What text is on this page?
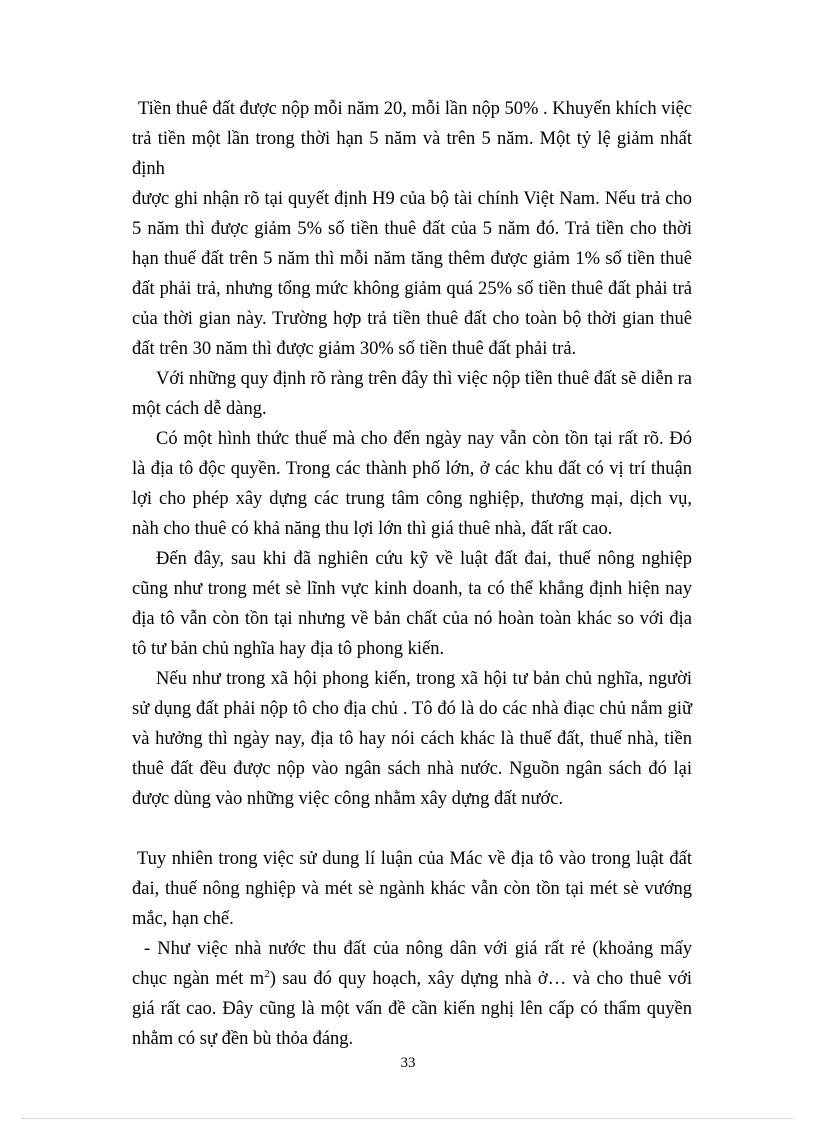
Tiền thuê đất được nộp mỗi năm 20, mỗi lần nộp 50% . Khuyến khích việc trả tiền một lần trong thời hạn 5 năm và trên 5 năm. Một tỷ lệ giảm nhất định

được ghi nhận rõ tại quyết định H9 của bộ tài chính Việt Nam. Nếu trả cho 5 năm thì được giảm 5% số tiền thuê đất của 5 năm đó. Trả tiền cho thời hạn thuế đất trên 5 năm thì mỗi năm tăng thêm được giảm 1% số tiền thuê đất phải trả, nhưng tổng mức không giảm quá 25% số tiền thuê đất phải trả của thời gian này. Trường hợp trả tiền thuê đất cho toàn bộ thời gian thuê đất trên 30 năm thì được giảm 30% số tiền thuê đất phải trả.

Với những quy định rõ ràng trên đây thì việc nộp tiền thuê đất sẽ diễn ra một cách dễ dàng.

Có một hình thức thuế mà cho đến ngày nay vẫn còn tồn tại rất rõ. Đó là địa tô độc quyền. Trong các thành phố lớn, ở các khu đất có vị trí thuận lợi cho phép xây dựng các trung tâm công nghiệp, thương mại, dịch vụ, nàh cho thuê có khả năng thu lợi lớn thì giá thuê nhà, đất rất cao.

Đến đây, sau khi đã nghiên cứu kỹ về luật đất đai, thuế nông nghiệp cũng như trong mét sè lĩnh vực kinh doanh, ta có thể khẳng định hiện nay địa tô vẫn còn tồn tại nhưng về bản chất của nó hoàn toàn khác so với địa tô tư bản chủ nghĩa hay địa tô phong kiến.

Nếu như trong xã hội phong kiến, trong xã hội tư bản chủ nghĩa, người sử dụng đất phải nộp tô cho địa chủ . Tô đó là do các nhà điạc chủ nắm giữ và hưởng thì ngày nay, địa tô hay nói cách khác là thuế đất, thuế nhà, tiền thuê đất đều được nộp vào ngân sách nhà nước. Nguồn ngân sách đó lại được dùng vào những việc công nhằm xây dựng đất nước.

Tuy nhiên trong việc sử dung lí luận của Mác về địa tô vào trong luật đất đai, thuế nông nghiệp và mét sè ngành khác vẫn còn tồn tại mét sè vướng mắc, hạn chế.

- Như việc nhà nước thu đất của nông dân với giá rất rẻ (khoảng mấy chục ngàn mét $m^2$) sau đó quy hoạch, xây dựng nhà ở… và cho thuê với giá rất cao. Đây cũng là một vấn đề cần kiến nghị lên cấp có thẩm quyền nhằm có sự đền bù thỏa đáng.

33
